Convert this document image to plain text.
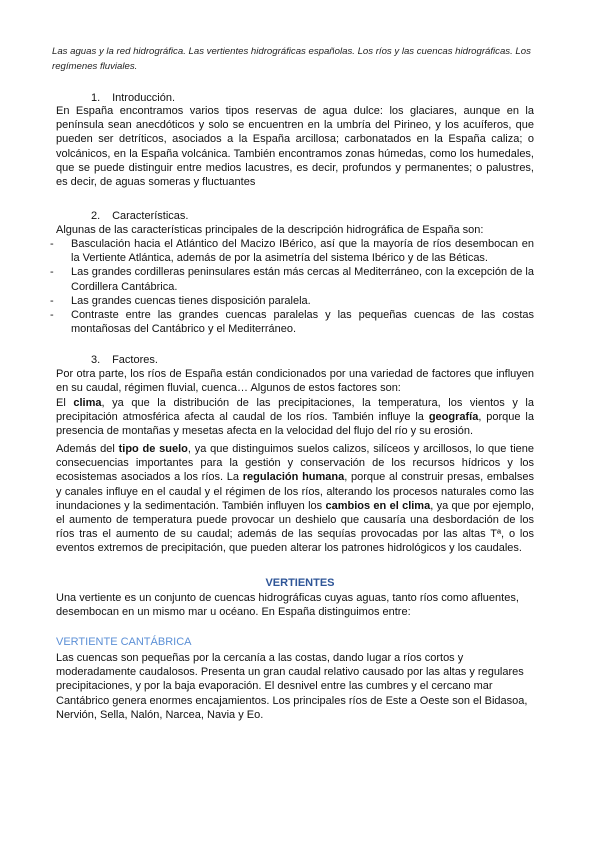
Las aguas y la red hidrográfica. Las vertientes hidrográficas españolas. Los ríos y las cuencas hidrográficas. Los regímenes fluviales.
1. Introducción.
En España encontramos varios tipos reservas de agua dulce: los glaciares, aunque en la península sean anecdóticos y solo se encuentren en la umbría del Pirineo, y los acuíferos, que pueden ser detríticos, asociados a la España arcillosa; carbonatados en la España caliza; o volcánicos, en la España volcánica. También encontramos zonas húmedas, como los humedales, que se puede distinguir entre medios lacustres, es decir, profundos y permanentes; o palustres, es decir, de aguas someras y fluctuantes
2. Características.
Algunas de las características principales de la descripción hidrográfica de España son:
- Basculación hacia el Atlántico del Macizo IBérico, así que la mayoría de ríos desembocan en la Vertiente Atlántica, además de por la asimetría del sistema Ibérico y de las Béticas.
- Las grandes cordilleras peninsulares están más cercas al Mediterráneo, con la excepción de la Cordillera Cantábrica.
- Las grandes cuencas tienes disposición paralela.
- Contraste entre las grandes cuencas paralelas y las pequeñas cuencas de las costas montañosas del Cantábrico y el Mediterráneo.
3. Factores.
Por otra parte, los ríos de España están condicionados por una variedad de factores que influyen en su caudal, régimen fluvial, cuenca… Algunos de estos factores son:
El clima, ya que la distribución de las precipitaciones, la temperatura, los vientos y la precipitación atmosférica afecta al caudal de los ríos. También influye la geografía, porque la presencia de montañas y mesetas afecta en la velocidad del flujo del río y su erosión.
Además del tipo de suelo, ya que distinguimos suelos calizos, silíceos y arcillosos, lo que tiene consecuencias importantes para la gestión y conservación de los recursos hídricos y los ecosistemas asociados a los ríos. La regulación humana, porque al construir presas, embalses y canales influye en el caudal y el régimen de los ríos, alterando los procesos naturales como las inundaciones y la sedimentación. También influyen los cambios en el clima, ya que por ejemplo, el aumento de temperatura puede provocar un deshielo que causaría una desbordación de los ríos tras el aumento de su caudal; además de las sequías provocadas por las altas Tª, o los eventos extremos de precipitación, que pueden alterar los patrones hidrológicos y los caudales.
VERTIENTES
Una vertiente es un conjunto de cuencas hidrográficas cuyas aguas, tanto ríos como afluentes, desembocan en un mismo mar u océano. En España distinguimos entre:
VERTIENTE CANTÁBRICA
Las cuencas son pequeñas por la cercanía a las costas, dando lugar a ríos cortos y moderadamente caudalosos. Presenta un gran caudal relativo causado por las altas y regulares precipitaciones, y por la baja evaporación. El desnivel entre las cumbres y el cercano mar Cantábrico genera enormes encajamientos. Los principales ríos de Este a Oeste son el Bidasoa, Nervión, Sella, Nalón, Narcea, Navia y Eo.
